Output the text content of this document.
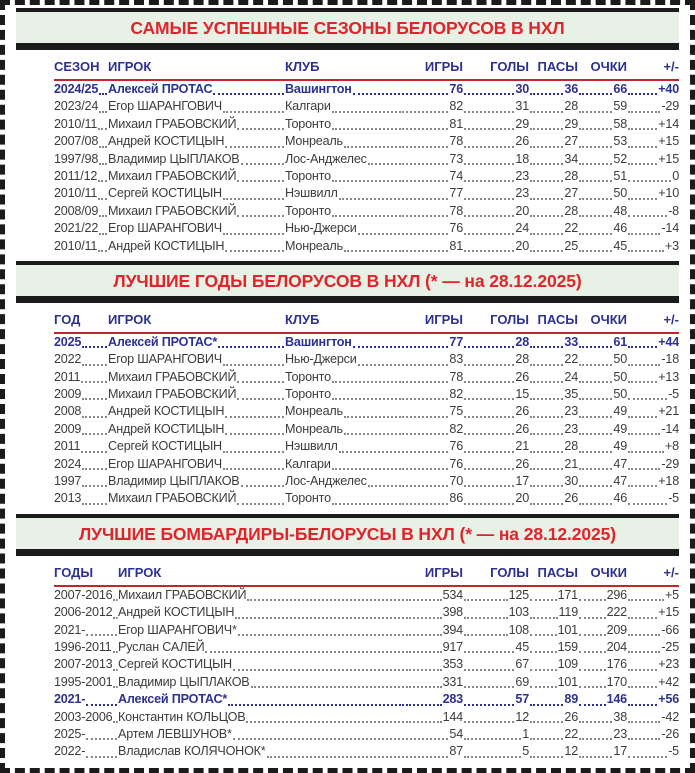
САМЫЕ УСПЕШНЫЕ СЕЗОНЫ БЕЛОРУСОВ В НХЛ
СЕЗОН ИГРОК	КЛУБ	ИГРЫ ГОЛЫ ПАСЫ ОЧКИ	+/-
2024/25 Алексей ПРОТАС	Вашингтон	76	30	36	66 +40
2023/24 Егор ШАРАНГОВИЧ	Калгари	82	31	28	59	-29
2010/11 Михаил ГРАБОВСКИЙ	Торонто	81	29	29	58 +14
2007/08 Андрей КОСТИЦЫН	Монреаль	78	26	27	53 +15
1997/98 Владимир ЦЫПЛАКОВ	Лос-Анджелес	73	18	34	52 +15
2011/12 Михаил ГРАБОВСКИЙ	Торонто	74	23	28	51	0
2010/11 Сергей КОСТИЦЫН	Нэшвилл	77	23	27	50 +10
2008/09 Михаил ГРАБОВСКИЙ	Торонто	78	20	28	48	-8
2021/22 Егор ШАРАНГОВИЧ	Нью-Джерси	76	24	22	46	-14
2010/11 Андрей КОСТИЦЫН	Монреаль	81	20	25	45	+3
ЛУЧШИЕ ГОДЫ БЕЛОРУСОВ В НХЛ (* — на 28.12.2025)
ГОД ИГРОК	КЛУБ	ИГРЫ ГОЛЫ ПАСЫ ОЧКИ	+/-
2025 Алексей ПРОТАС*	Вашингтон	77	28	33	61 +44
2022 Егор ШАРАНГОВИЧ	Нью-Джерси	83	28	22	50	-18
2011 Михаил ГРАБОВСКИЙ	Торонто	78	26	24	50 +13
2009 Михаил ГРАБОВСКИЙ	Торонто	82	15	35	50	-5
2008 Андрей КОСТИЦЫН	Монреаль	75	26	23	49 +21
2009 Андрей КОСТИЦЫН	Монреаль	82	26	23	49	-14
2011 Сергей КОСТИЦЫН	Нэшвилл	76	21	28	49	+8
2024 Егор ШАРАНГОВИЧ	Калгари	76	26	21	47	-29
1997 Владимир ЦЫПЛАКОВ	Лос-Анджелес	70	17	30	47 +18
2013 Михаил ГРАБОВСКИЙ	Торонто	86	20	26	46	-5
ЛУЧШИЕ БОМБАРДИРЫ-БЕЛОРУСЫ В НХЛ (* — на 28.12.2025)
ГОДЫ ИГРОК	ИГРЫ ГОЛЫ ПАСЫ ОЧКИ	+/-
2007-2016 Михаил ГРАБОВСКИЙ	534	125 171 296	+5
2006-2012 Андрей КОСТИЦЫН	398	103 119 222 +15
2021-	Егор ШАРАНГОВИЧ*	394	108 101 209	-66
1996-2011 Руслан САЛЕЙ	917	45 159 204	-25
2007-2013 Сергей КОСТИЦЫН	353	67 109 176 +23
1995-2001 Владимир ЦЫПЛАКОВ	331	69 101 170 +42
2021-	Алексей ПРОТАС*	283	57	89 146 +56
2003-2006 Константин КОЛЬЦОВ	144	12	26	38	-42
2025-	Артем ЛЕВШУНОВ*	54	1	22	23	-26
2022-	Владислав КОЛЯЧОНОК*	87	5	12	17	-5
